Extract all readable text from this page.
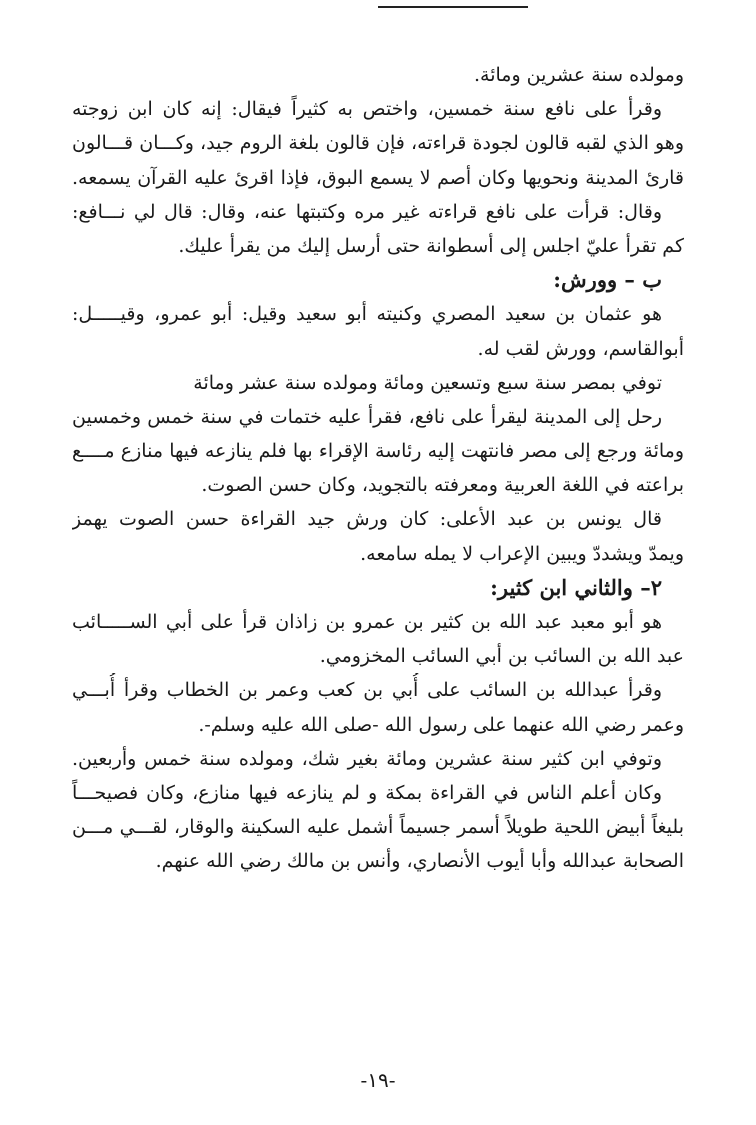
ومولده سنة عشرين ومائة.
وقرأ على نافع سنة خمسين، واختص به كثيراً فيقال: إنه كان ابن زوجته
وهو الذي لقبه قالون لجودة قراءته، فإن قالون بلغة الروم جيد، وكـــان قـــالون
قارئ المدينة ونحويها وكان أصم لا يسمع البوق، فإذا اقرئ عليه القرآن يسمعه.
وقال: قرأت على نافع قراءته غير مره وكتبتها عنه، وقال: قال لي نـــافع:
كم تقرأ عليّ اجلس إلى أسطوانة حتى أرسل إليك من يقرأ عليك.
ب – وورش:
هو عثمان بن سعيد المصري وكنيته أبو سعيد وقيل: أبو عمرو، وقيـــــل:
أبوالقاسم، وورش لقب له.
توفي بمصر سنة سبع وتسعين ومائة ومولده سنة عشر ومائة
رحل إلى المدينة ليقرأ على نافع، فقرأ عليه ختمات في سنة خمس وخمسين
ومائة ورجع إلى مصر فانتهت إليه رئاسة الإقراء بها فلم ينازعه فيها منازع مــــع
براعته في اللغة العربية ومعرفته بالتجويد، وكان حسن الصوت.
قال يونس بن عبد الأعلى: كان ورش جيد القراءة حسن الصوت يهمز
ويمدّ ويشددّ ويبين الإعراب لا يمله سامعه.
٢– والثاني ابن كثير:
هو أبو معبد عبد الله بن كثير بن عمرو بن زاذان قرأ على أبي الســـــائب
عبد الله بن السائب بن أبي السائب المخزومي.
وقرأ عبدالله بن السائب على أُبي بن كعب وعمر بن الخطاب وقرأ أُبـــي
وعمر رضي الله عنهما على رسول الله -صلى الله عليه وسلم-.
وتوفي ابن كثير سنة عشرين ومائة بغير شك، ومولده سنة خمس وأربعين.
وكان أعلم الناس في القراءة بمكة و لم ينازعه فيها منازع، وكان فصيحـــاً
بليغاً أبيض اللحية طويلاً أسمر جسيماً أشمل عليه السكينة والوقار، لقـــي مـــن
الصحابة عبدالله وأبا أيوب الأنصاري، وأنس بن مالك رضي الله عنهم.
-١٩-
